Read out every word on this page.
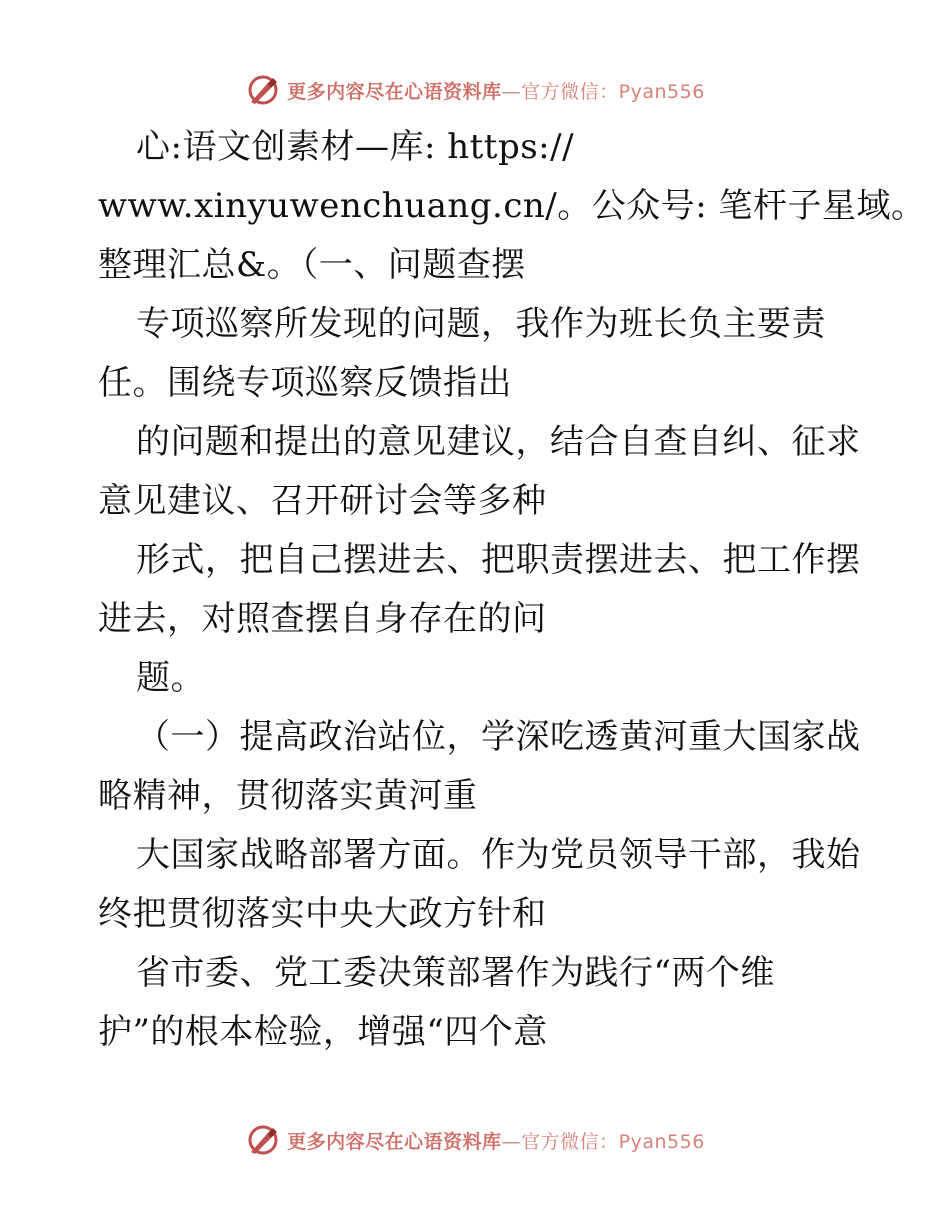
更多内容尽在心语资料库—官方微信：Pyan556
心:语文创素材—库: https://
www.xinyuwenchuang.cn/。公众号: 笔杆子星域。
整理汇总&。（一、问题查摆
专项巡察所发现的问题，我作为班长负主要责
任。围绕专项巡察反馈指出
的问题和提出的意见建议，结合自查自纠、征求
意见建议、召开研讨会等多种
形式，把自己摆进去、把职责摆进去、把工作摆
进去，对照查摆自身存在的问
题。
（一）提高政治站位，学深吃透黄河重大国家战
略精神，贯彻落实黄河重
大国家战略部署方面。作为党员领导干部，我始
终把贯彻落实中央大政方针和
省市委、党工委决策部署作为践行“两个维
护”的根本检验，增强“四个意
更多内容尽在心语资料库—官方微信：Pyan556
